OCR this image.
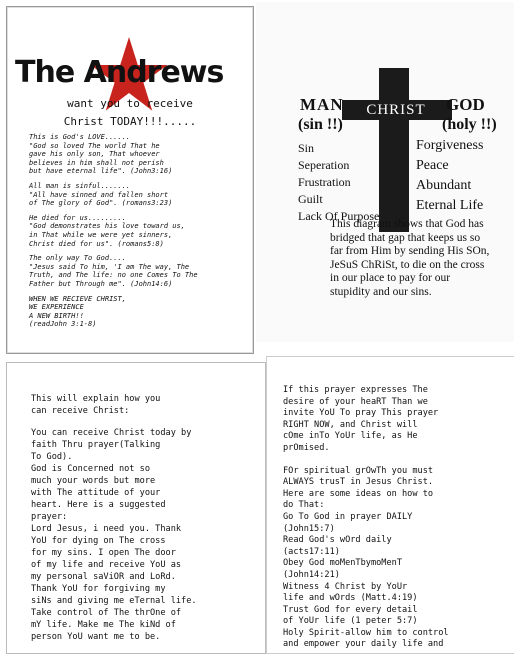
The Andrews
want you to receive
Christ TODAY!!!.....

This is God's LOVE......
"God so loved The world That he
gave his only son, That whoever
believes in him shall not perish
but have eternal life". (John3:16)

All man is sinful.......
"All have sinned and fallen short
of The glory of God". (romans3:23)

He died for us.........
"God demonstrates his love toward us,
in That while we were yet sinners,
Christ died for us". (romans5:8)

The only way To God....
"Jesus said To him, 'I am The way, The
Truth, and The life: no one Comes To The
Father but Through me". (John14:6)

WHEN WE RECIEVE CHRIST,
WE EXPERIENCE
A NEW BIRTH!!
(readJohn 3:1-8)

CHRIST
MAN	GOD
(sin !!)	(holy !!)
Sin
Seperation
Frustration
Guilt
Lack Of Purpose
Forgiveness
Peace
Abundant
Eternal Life
This diagram shows that God has bridged that gap that keeps us so far from Him by sending His SOn, JeSuS ChRiSt, to die on the cross in our place to pay for our stupidity and our sins.

This will explain how you
can receive Christ:

You can receive Christ today by
faith Thru prayer(Talking
To God).
God is Concerned not so
much your words but more
with The attitude of your
heart. Here is a suggested
prayer:
Lord Jesus, i need you. Thank
YoU for dying on The cross
for my sins. I open The door
of my life and receive YoU as
my personal saViOR and LoRd.
Thank YoU for forgiving my
siNs and giving me eTernal life.
Take control of The thrOne of
mY life. Make me The kiNd of
person YoU want me to be.

If this prayer expresses The
desire of your heaRT Than we
invite YoU To pray This prayer
RIGHT NOW, and Christ will
cOme inTo YoUr life, as He
prOmised.

FOr spiritual grOwTh you must
ALWAYS trusT in Jesus Christ.
Here are some ideas on how to
do That:
Go To God in prayer DAILY
(John15:7)
Read God's wOrd daily
(acts17:11)
Obey God moMenTbymoMenT
(John14:21)
Witness 4 Christ by YoUr
life and wOrds (Matt.4:19)
Trust God for every detail
of YoUr life (1 peter 5:7)
Holy Spirit-allow him to control
and empower your daily life and
